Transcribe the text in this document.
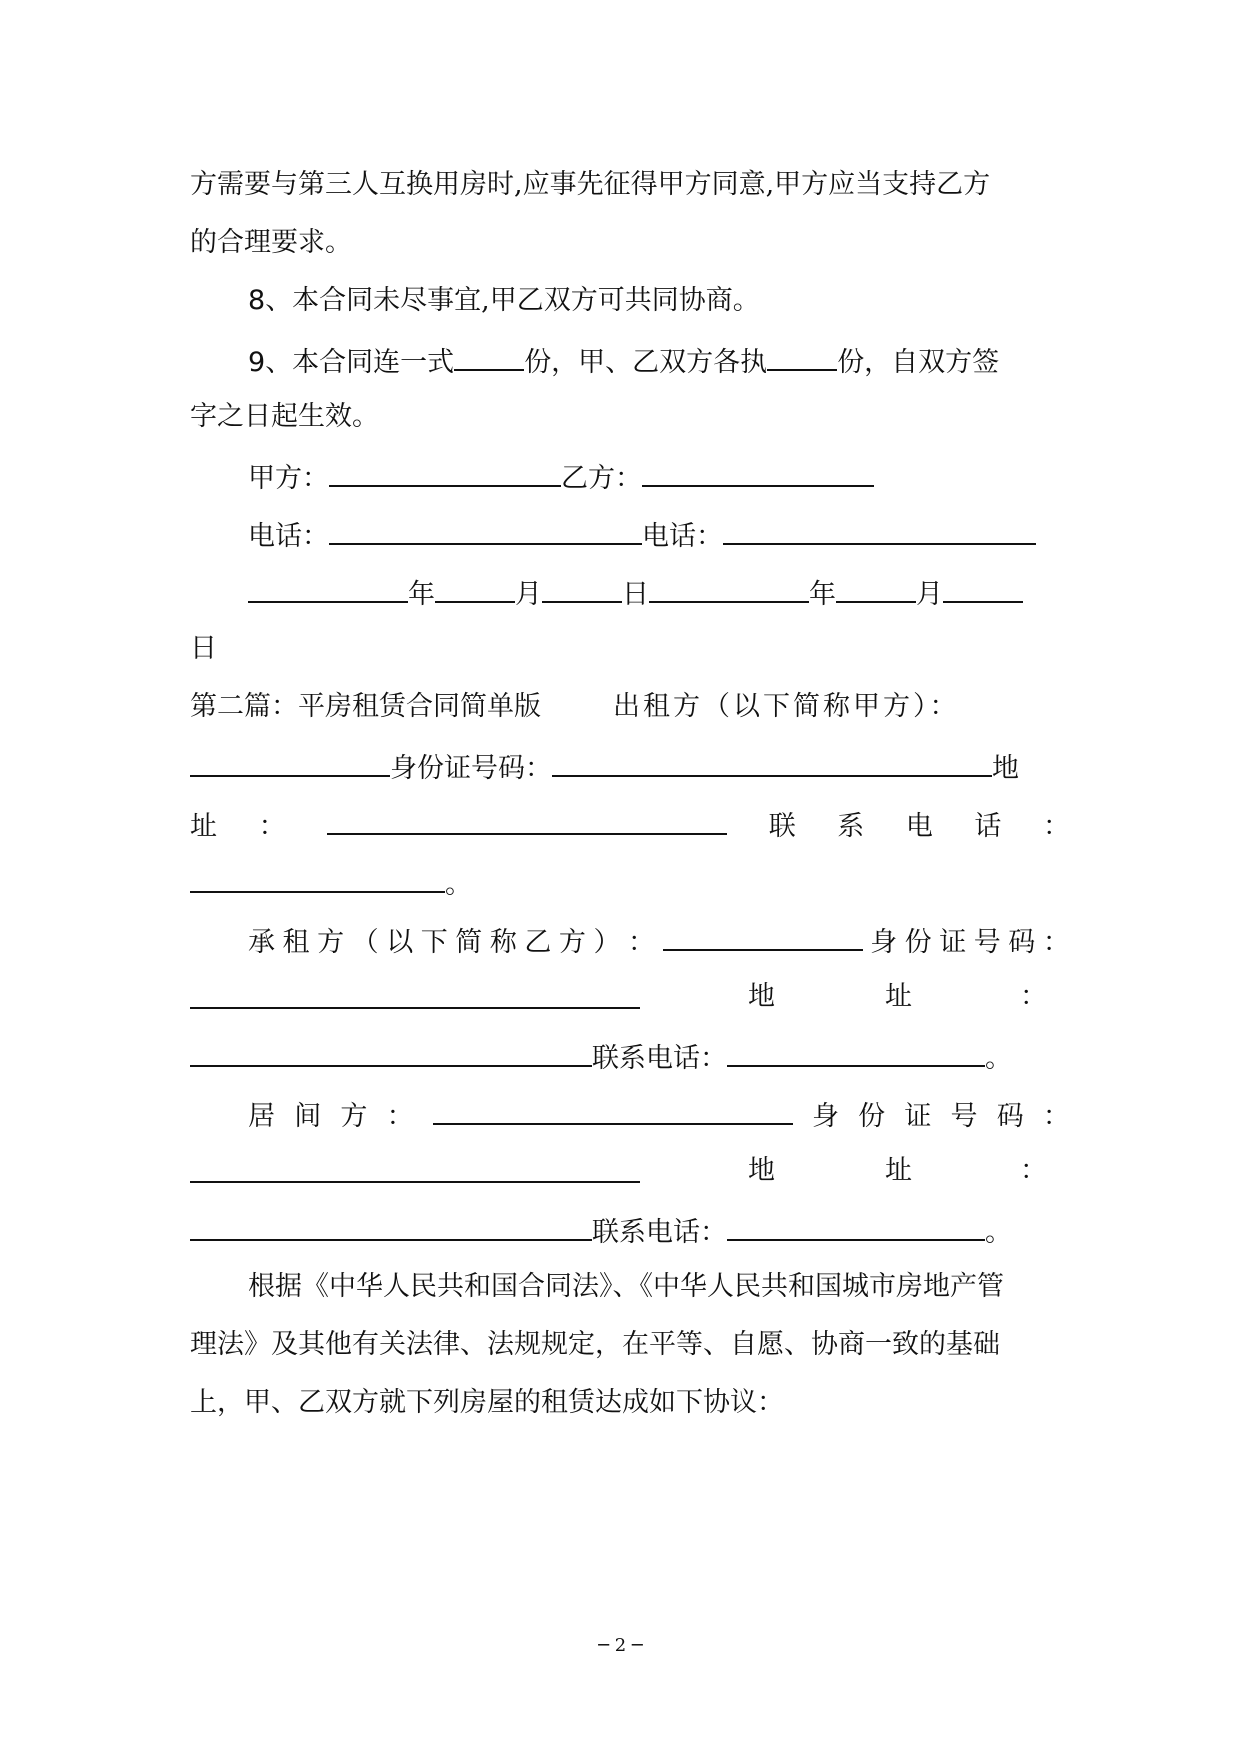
方需要与第三人互换用房时,应事先征得甲方同意,甲方应当支持乙方
的合理要求。
8、本合同未尽事宜,甲乙双方可共同协商。
9、本合同连一式	份，甲、乙双方各执	份，自双方签
字之日起生效。
甲方：	乙方：
电话：	电话：
年	月	日	年	月
日
第二篇：平房租赁合同简单版	出租方（以下简称甲方）：
身份证号码：	地
址 ：	联 系 电 话 ：
。
承 租 方 （ 以 下 简 称 乙 方 ） ：	身 份 证 号 码 ：
地	址	：
联系电话：	。
居 间 方 ：	身 份 证 号 码 ：
地	址	：
联系电话：	。
根据《中华人民共和国合同法》、《中华人民共和国城市房地产管
理法》及其他有关法律、法规规定，在平等、自愿、协商一致的基础
上，甲、乙双方就下列房屋的租赁达成如下协议：
─ 2 ─
